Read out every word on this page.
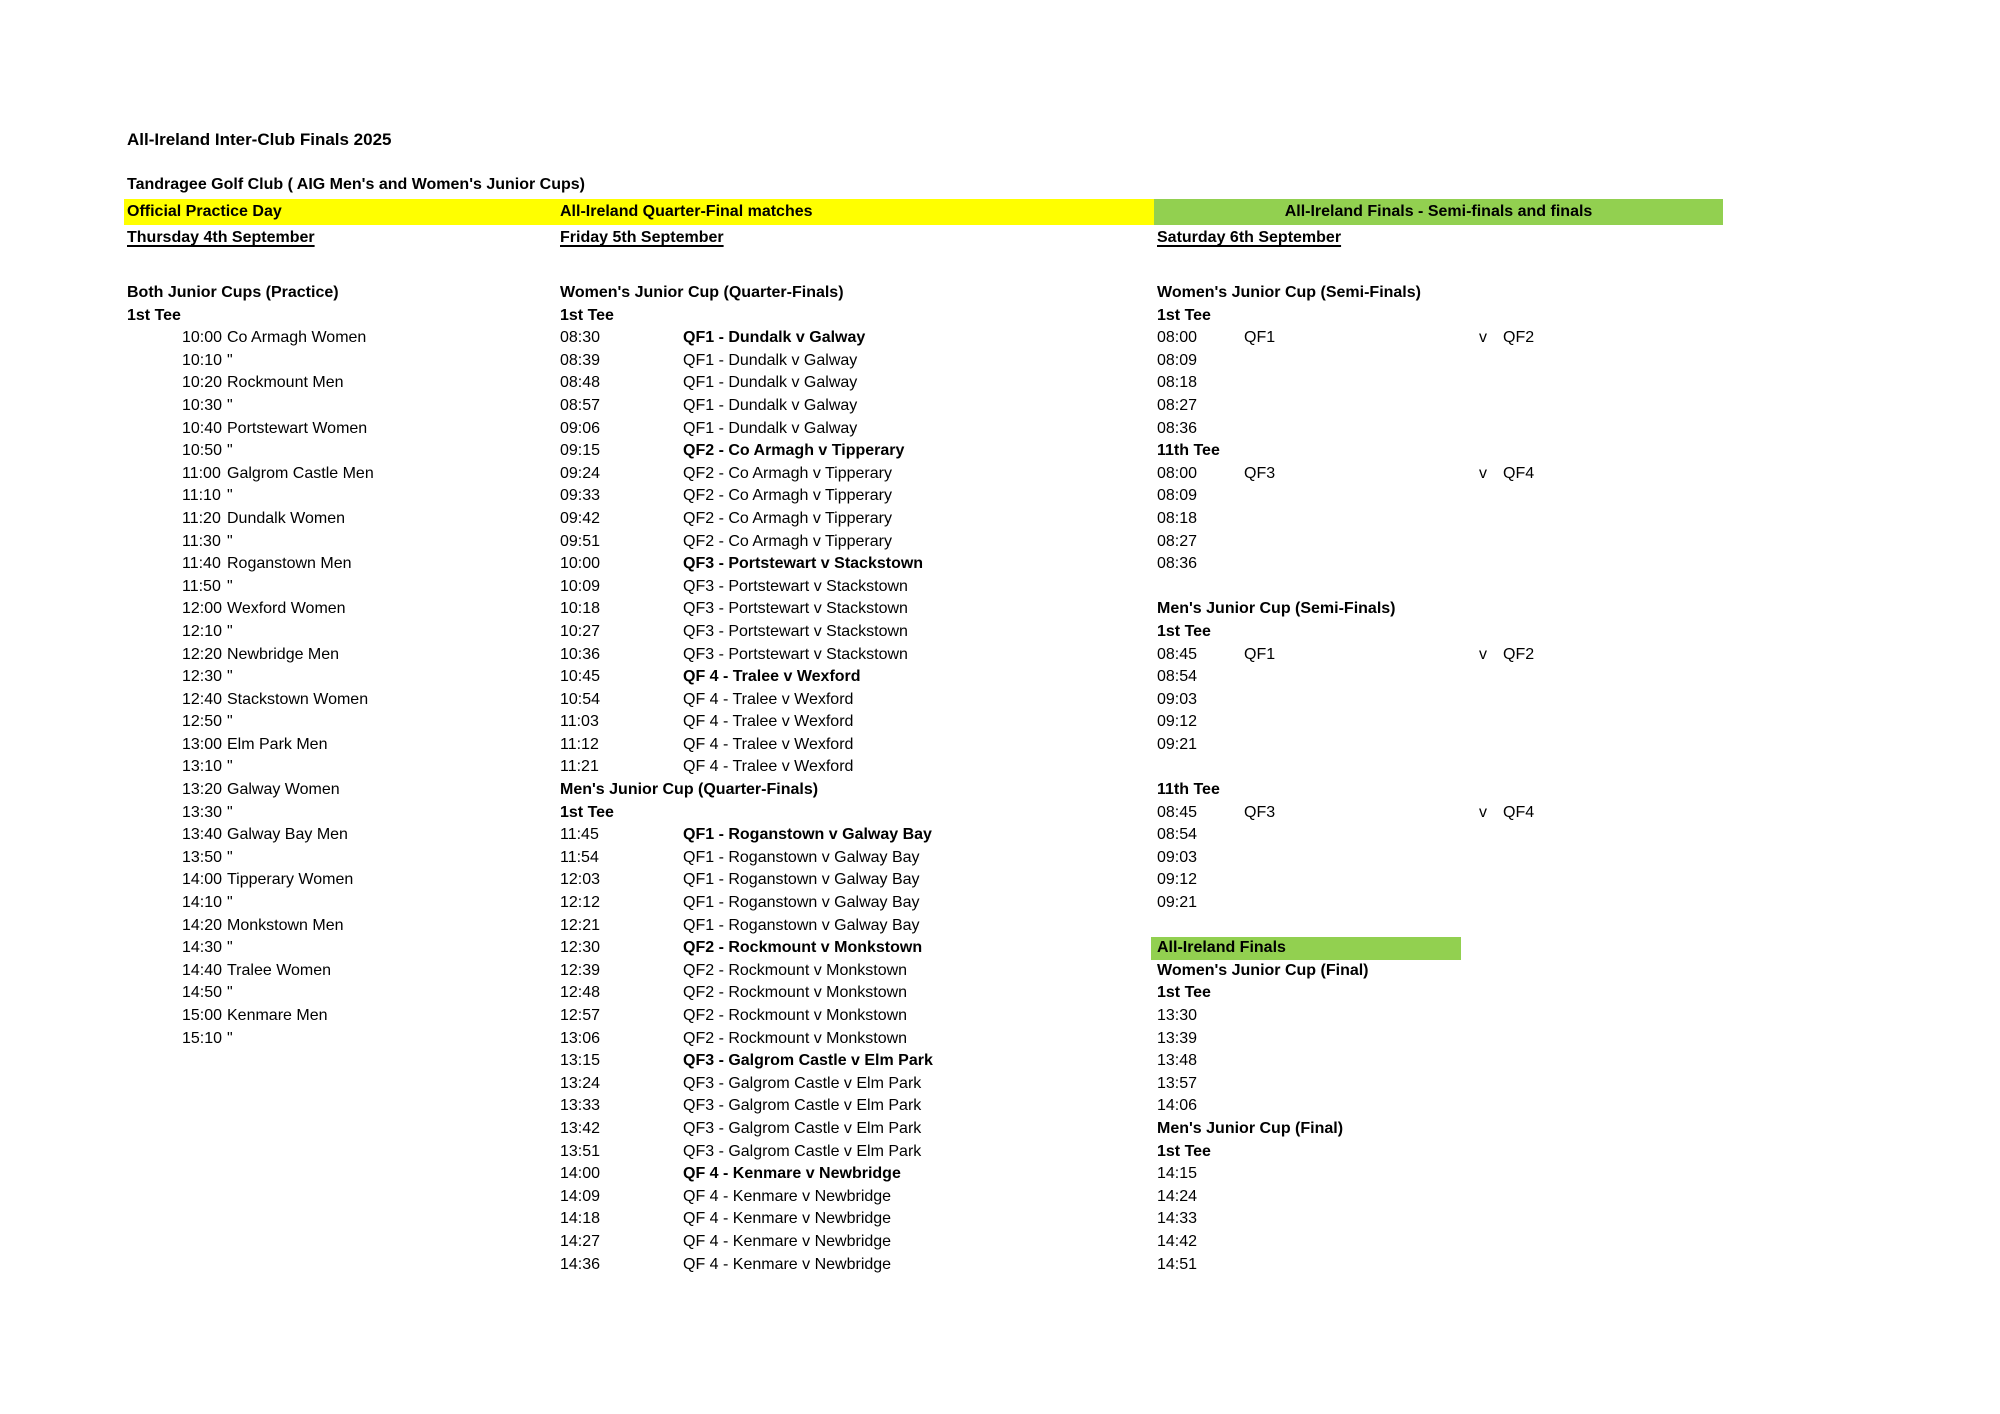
All-Ireland Inter-Club Finals 2025
Tandragee Golf Club ( AIG Men's and Women's Junior Cups)
Official Practice Day	All-Ireland Quarter-Final matches	All-Ireland Finals - Semi-finals and finals
Thursday 4th September	Friday 5th September	Saturday 6th September
Both Junior Cups (Practice)
1st Tee
10:00 Co Armagh Women
10:10 "
10:20 Rockmount Men
10:30 "
10:40 Portstewart Women
10:50 "
11:00 Galgrom Castle Men
11:10 "
11:20 Dundalk Women
11:30 "
11:40 Roganstown Men
11:50 "
12:00 Wexford Women
12:10 "
12:20 Newbridge Men
12:30 "
12:40 Stackstown Women
12:50 "
13:00 Elm Park Men
13:10 "
13:20 Galway Women
13:30 "
13:40 Galway Bay Men
13:50 "
14:00 Tipperary Women
14:10 "
14:20 Monkstown Men
14:30 "
14:40 Tralee Women
14:50 "
15:00 Kenmare Men
15:10 "
Women's Junior Cup (Quarter-Finals)
1st Tee
08:30	QF1 - Dundalk v Galway
08:39	QF1 - Dundalk v Galway
08:48	QF1 - Dundalk v Galway
08:57	QF1 - Dundalk v Galway
09:06	QF1 - Dundalk v Galway
09:15	QF2 - Co Armagh v Tipperary
09:24	QF2 - Co Armagh v Tipperary
09:33	QF2 - Co Armagh v Tipperary
09:42	QF2 - Co Armagh v Tipperary
09:51	QF2 - Co Armagh v Tipperary
10:00	QF3 - Portstewart v Stackstown
10:09	QF3 - Portstewart v Stackstown
10:18	QF3 - Portstewart v Stackstown
10:27	QF3 - Portstewart v Stackstown
10:36	QF3 - Portstewart v Stackstown
10:45	QF 4 - Tralee v Wexford
10:54	QF 4 - Tralee v Wexford
11:03	QF 4 - Tralee v Wexford
11:12	QF 4 - Tralee v Wexford
11:21	QF 4 - Tralee v Wexford
Men's Junior Cup (Quarter-Finals)
1st Tee
11:45	QF1 - Roganstown v Galway Bay
11:54	QF1 - Roganstown v Galway Bay
12:03	QF1 - Roganstown v Galway Bay
12:12	QF1 - Roganstown v Galway Bay
12:21	QF1 - Roganstown v Galway Bay
12:30	QF2 - Rockmount v Monkstown
12:39	QF2 - Rockmount v Monkstown
12:48	QF2 - Rockmount v Monkstown
12:57	QF2 - Rockmount v Monkstown
13:06	QF2 - Rockmount v Monkstown
13:15	QF3 - Galgrom Castle v Elm Park
13:24	QF3 - Galgrom Castle v Elm Park
13:33	QF3 - Galgrom Castle v Elm Park
13:42	QF3 - Galgrom Castle v Elm Park
13:51	QF3 - Galgrom Castle v Elm Park
14:00	QF 4 - Kenmare v Newbridge
14:09	QF 4 - Kenmare v Newbridge
14:18	QF 4 - Kenmare v Newbridge
14:27	QF 4 - Kenmare v Newbridge
14:36	QF 4 - Kenmare v Newbridge
Women's Junior Cup (Semi-Finals)
1st Tee
08:00	QF1	v QF2
08:09
08:18
08:27
08:36
11th Tee
08:00	QF3	v QF4
08:09
08:18
08:27
08:36
Men's Junior Cup (Semi-Finals)
1st Tee
08:45	QF1	v QF2
08:54
09:03
09:12
09:21
11th Tee
08:45	QF3	v QF4
08:54
09:03
09:12
09:21
All-Ireland Finals
Women's Junior Cup (Final)
1st Tee
13:30
13:39
13:48
13:57
14:06
Men's Junior Cup (Final)
1st Tee
14:15
14:24
14:33
14:42
14:51
